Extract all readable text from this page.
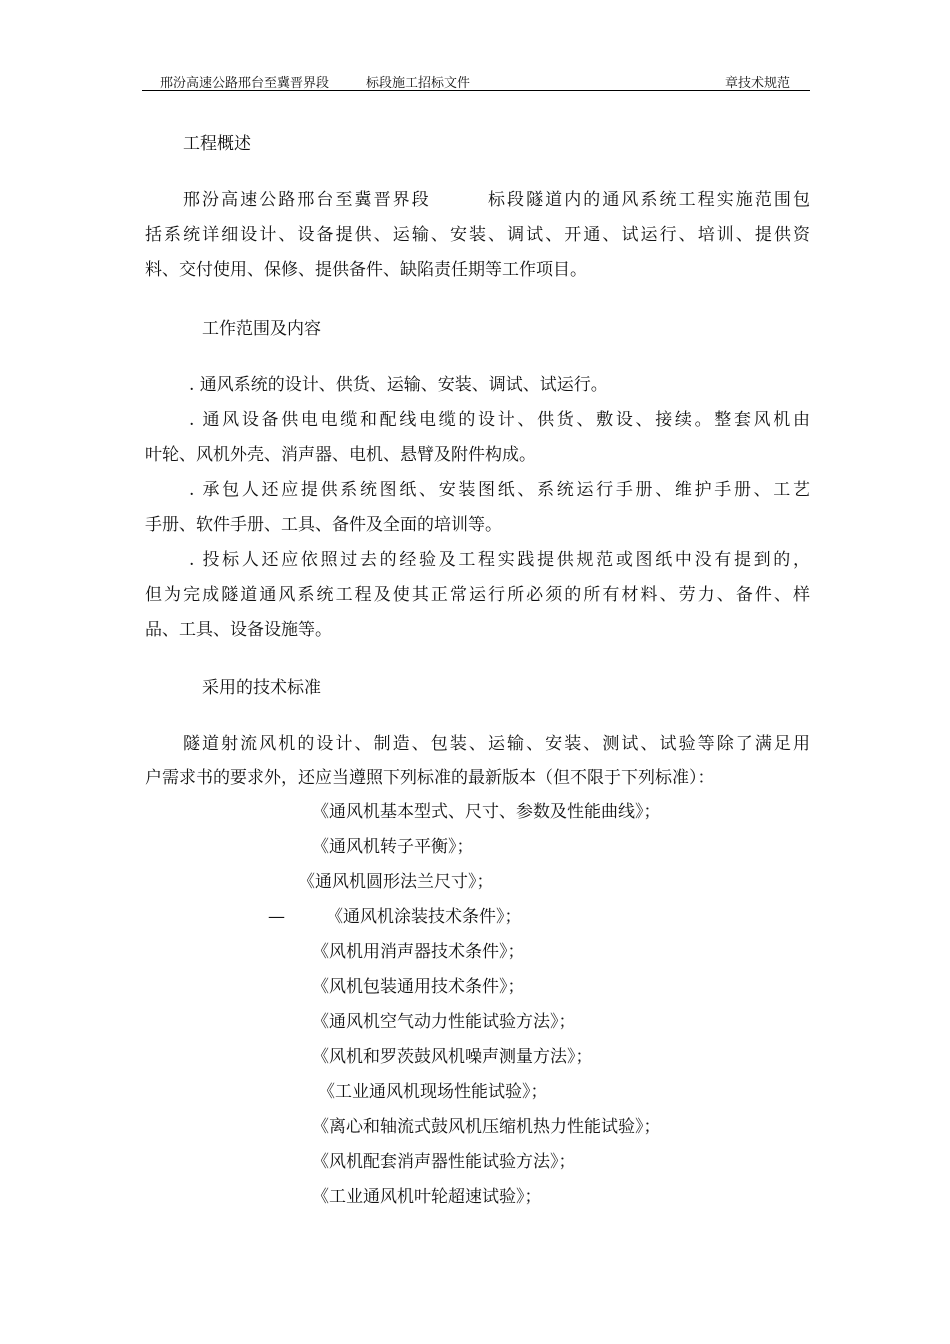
邢汾高速公路邢台至冀晋界段	标段施工招标文件	章技术规范
工程概述
邢汾高速公路邢台至冀晋界段　　　标段隧道内的通风系统工程实施范围包
括系统详细设计、设备提供、运输、安装、调试、开通、试运行、培训、提供资
料、交付使用、保修、提供备件、缺陷责任期等工作项目。
工作范围及内容
. 通风系统的设计、供货、运输、安装、调试、试运行。
. 通风设备供电电缆和配线电缆的设计、供货、敷设、接续。整套风机由
叶轮、风机外壳、消声器、电机、悬臂及附件构成。
. 承包人还应提供系统图纸、安装图纸、系统运行手册、维护手册、工艺
手册、软件手册、工具、备件及全面的培训等。
. 投标人还应依照过去的经验及工程实践提供规范或图纸中没有提到的，
但为完成隧道通风系统工程及使其正常运行所必须的所有材料、劳力、备件、样
品、工具、设备设施等。
采用的技术标准
隧道射流风机的设计、制造、包装、运输、安装、测试、试验等除了满足用
户需求书的要求外，还应当遵照下列标准的最新版本（但不限于下列标准）：
《通风机基本型式、尺寸、参数及性能曲线》；
《通风机转子平衡》；
《通风机圆形法兰尺寸》；
— 《通风机涂装技术条件》；
《风机用消声器技术条件》；
《风机包装通用技术条件》；
《通风机空气动力性能试验方法》；
《风机和罗茨鼓风机噪声测量方法》；
《工业通风机现场性能试验》；
《离心和轴流式鼓风机压缩机热力性能试验》；
《风机配套消声器性能试验方法》；
《工业通风机叶轮超速试验》；
